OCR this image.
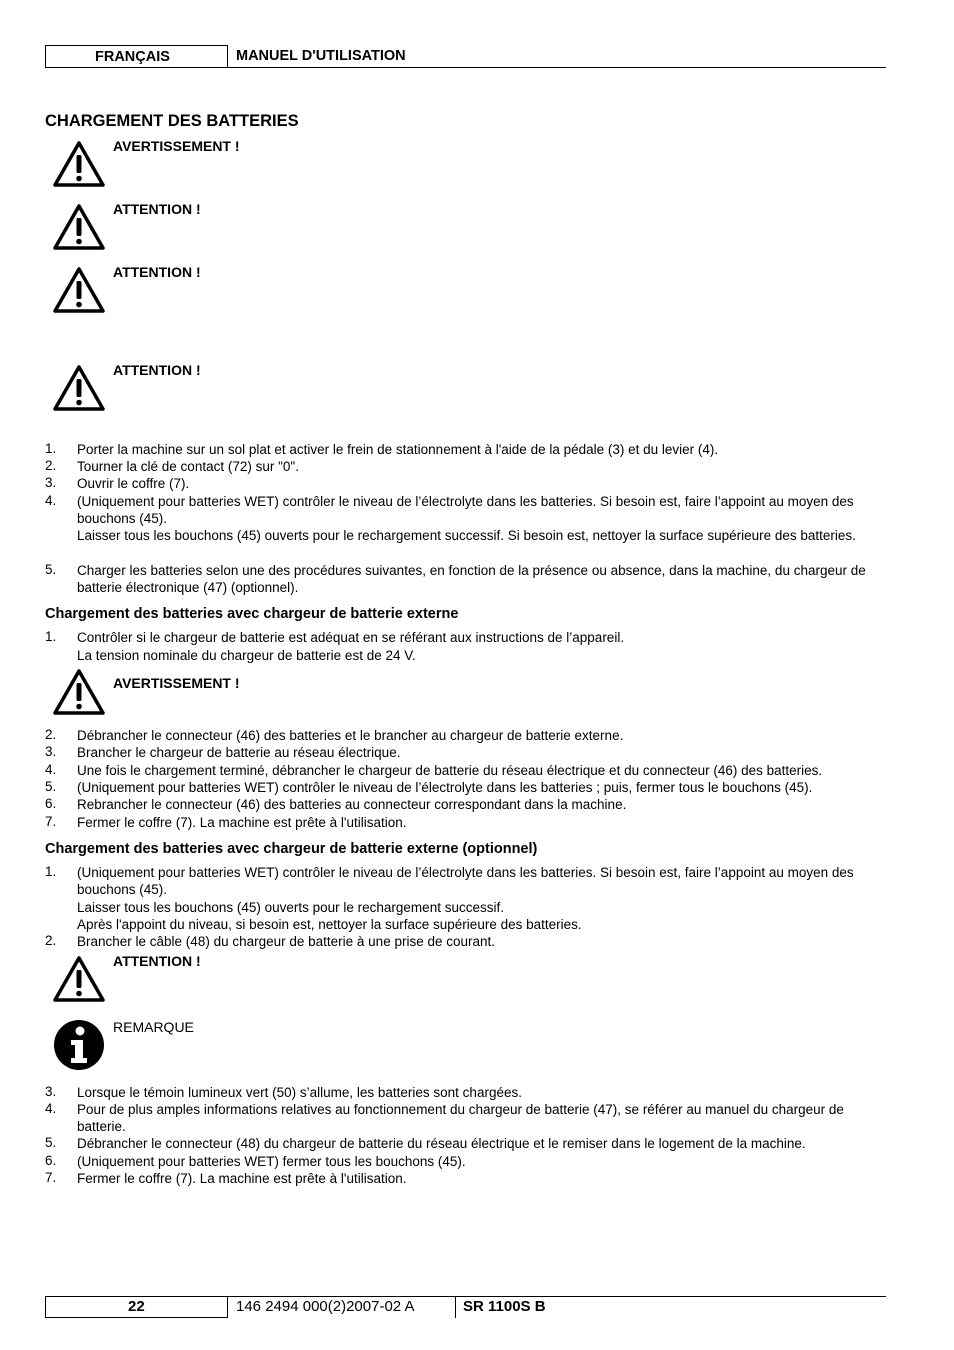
FRANÇAIS	MANUEL D'UTILISATION
CHARGEMENT DES BATTERIES
AVERTISSEMENT !
ATTENTION !
ATTENTION !
ATTENTION !
1. Porter la machine sur un sol plat et activer le frein de stationnement à l'aide de la pédale (3) et du levier (4).
2. Tourner la clé de contact (72) sur "0".
3. Ouvrir le coffre (7).
4. (Uniquement pour batteries WET) contrôler le niveau de l’électrolyte dans les batteries. Si besoin est, faire l’appoint au moyen des bouchons (45).
Laisser tous les bouchons (45) ouverts pour le rechargement successif. Si besoin est, nettoyer la surface supérieure des batteries.
5. Charger les batteries selon une des procédures suivantes, en fonction de la présence ou absence, dans la machine, du chargeur de batterie électronique (47) (optionnel).
Chargement des batteries avec chargeur de batterie externe
1. Contrôler si le chargeur de batterie est adéquat en se référant aux instructions de l’appareil.
La tension nominale du chargeur de batterie est de 24 V.
AVERTISSEMENT !
2. Débrancher le connecteur (46) des batteries et le brancher au chargeur de batterie externe.
3. Brancher le chargeur de batterie au réseau électrique.
4. Une fois le chargement terminé, débrancher le chargeur de batterie du réseau électrique et du connecteur (46) des batteries.
5. (Uniquement pour batteries WET) contrôler le niveau de l’électrolyte dans les batteries ; puis, fermer tous le bouchons (45).
6. Rebrancher le connecteur (46) des batteries au connecteur correspondant dans la machine.
7. Fermer le coffre (7). La machine est prête à l'utilisation.
Chargement des batteries avec chargeur de batterie externe (optionnel)
1. (Uniquement pour batteries WET) contrôler le niveau de l’électrolyte dans les batteries. Si besoin est, faire l’appoint au moyen des bouchons (45).
Laisser tous les bouchons (45) ouverts pour le rechargement successif.
Après l'appoint du niveau, si besoin est, nettoyer la surface supérieure des batteries.
2. Brancher le câble (48) du chargeur de batterie à une prise de courant.
ATTENTION !
REMARQUE
3. Lorsque le témoin lumineux vert (50) s’allume, les batteries sont chargées.
4. Pour de plus amples informations relatives au fonctionnement du chargeur de batterie (47), se référer au manuel du chargeur de batterie.
5. Débrancher le connecteur (48) du chargeur de batterie du réseau électrique et le remiser dans le logement de la machine.
6. (Uniquement pour batteries WET) fermer tous les bouchons (45).
7. Fermer le coffre (7). La machine est prête à l'utilisation.
22	146 2494 000(2)2007-02 A	SR 1100S B
